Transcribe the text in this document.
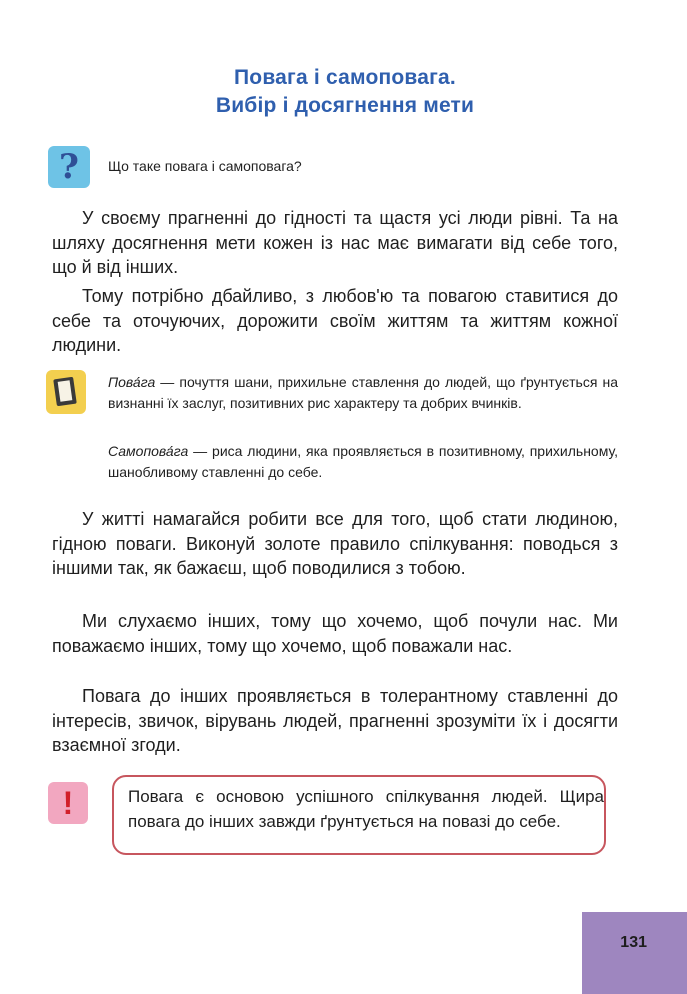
Повага і самоповага.
Вибір і досягнення мети
?	Що таке повага і самоповага?

У своєму прагненні до гідності та щастя усі люди рівні. Та на шляху досягнення мети кожен із нас має вимагати від себе того, що й від інших.

Тому потрібно дбайливо, з любов'ю та повагою ставитися до себе та оточуючих, дорожити своїм життям та життям кожної людини.

Пова́га — почуття шани, прихильне ставлення до людей, що ґрунтується на визнанні їх заслуг, позитивних рис характеру та добрих вчинків.

Самопова́га — риса людини, яка проявляється в позитивному, прихильному, шанобливому ставленні до себе.

У житті намагайся робити все для того, щоб стати людиною, гідною поваги. Виконуй золоте правило спілкування: поводься з іншими так, як бажаєш, щоб поводилися з тобою.

Ми слухаємо інших, тому що хочемо, щоб почули нас. Ми поважаємо інших, тому що хочемо, щоб поважали нас.

Повага до інших проявляється в толерантному ставленні до інтересів, звичок, вірувань людей, прагненні зрозуміти їх і досягти взаємної згоди.

!	Повага є основою успішного спілкування людей. Щира повага до інших завжди ґрунтується на повазі до себе.
131
